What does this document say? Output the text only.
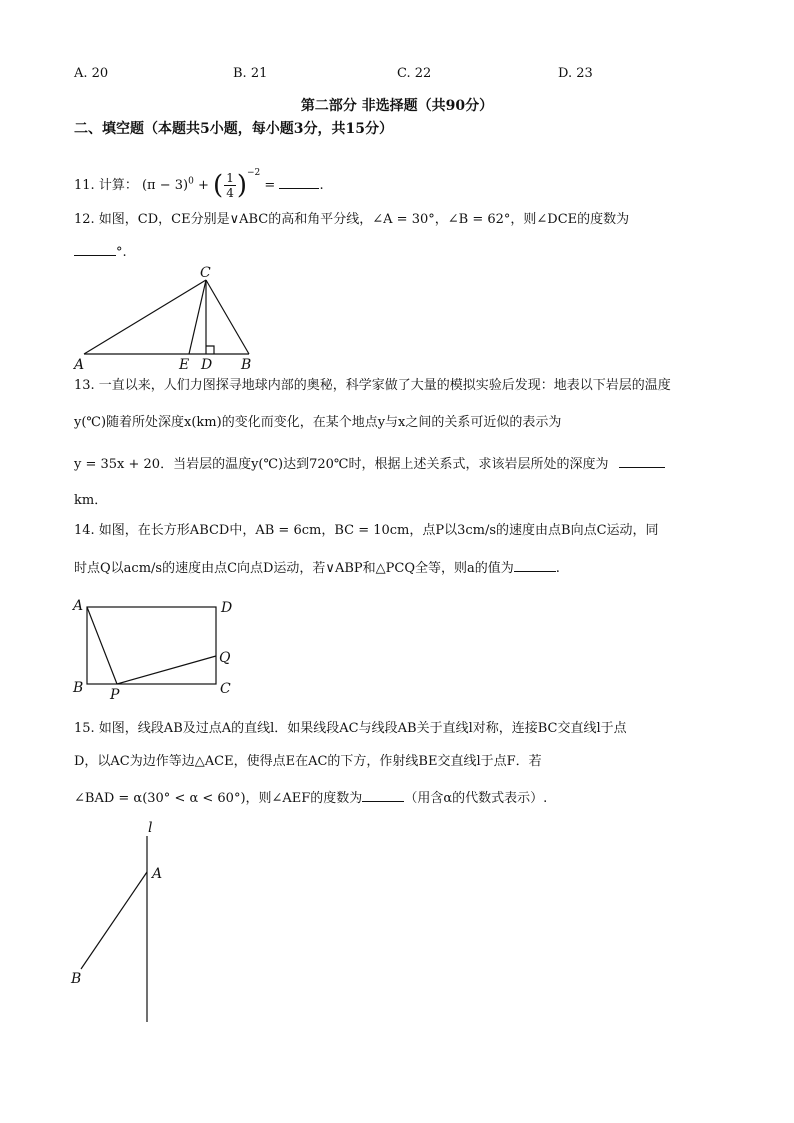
A. 20	B. 21	C. 22	D. 23
第二部分 非选择题（共90分）
二、填空题（本题共5小题，每小题3分，共15分）
11. 计算： $(\pi - 3)^0$ + ( $\frac{1}{4} )^{-2}$ =	.
12. 如图，CD，CE分别是∨ABC的高和角平分线，∠A = 30°，∠B = 62°，则∠DCE的度数为
°.
C
A	E D B
13. 一直以来，人们力图探寻地球内部的奥秘，科学家做了大量的模拟实验后发现：地表以下岩层的温度
y(℃)随着所处深度x(km)的变化而变化，在某个地点y与x之间的关系可近似的表示为
y = 35x + 20．当岩层的温度y(℃)达到720℃时，根据上述关系式，求该岩层所处的深度为
km．
14. 如图，在长方形ABCD中，AB = 6cm，BC = 10cm，点P以3cm/s的速度由点B向点C运动，同
时点Q以acm/s的速度由点C向点D运动，若∨ABP和△PCQ全等，则a的值为	.
A	D
Q
B P	C
15. 如图，线段AB及过点A的直线l．如果线段AC与线段AB关于直线l对称，连接BC交直线l于点
D，以AC为边作等边△ACE，使得点E在AC的下方，作射线BE交直线l于点F．若
∠BAD = α(30° < α < 60°)，则∠AEF的度数为	（用含α的代数式表示）.
l
A
B
